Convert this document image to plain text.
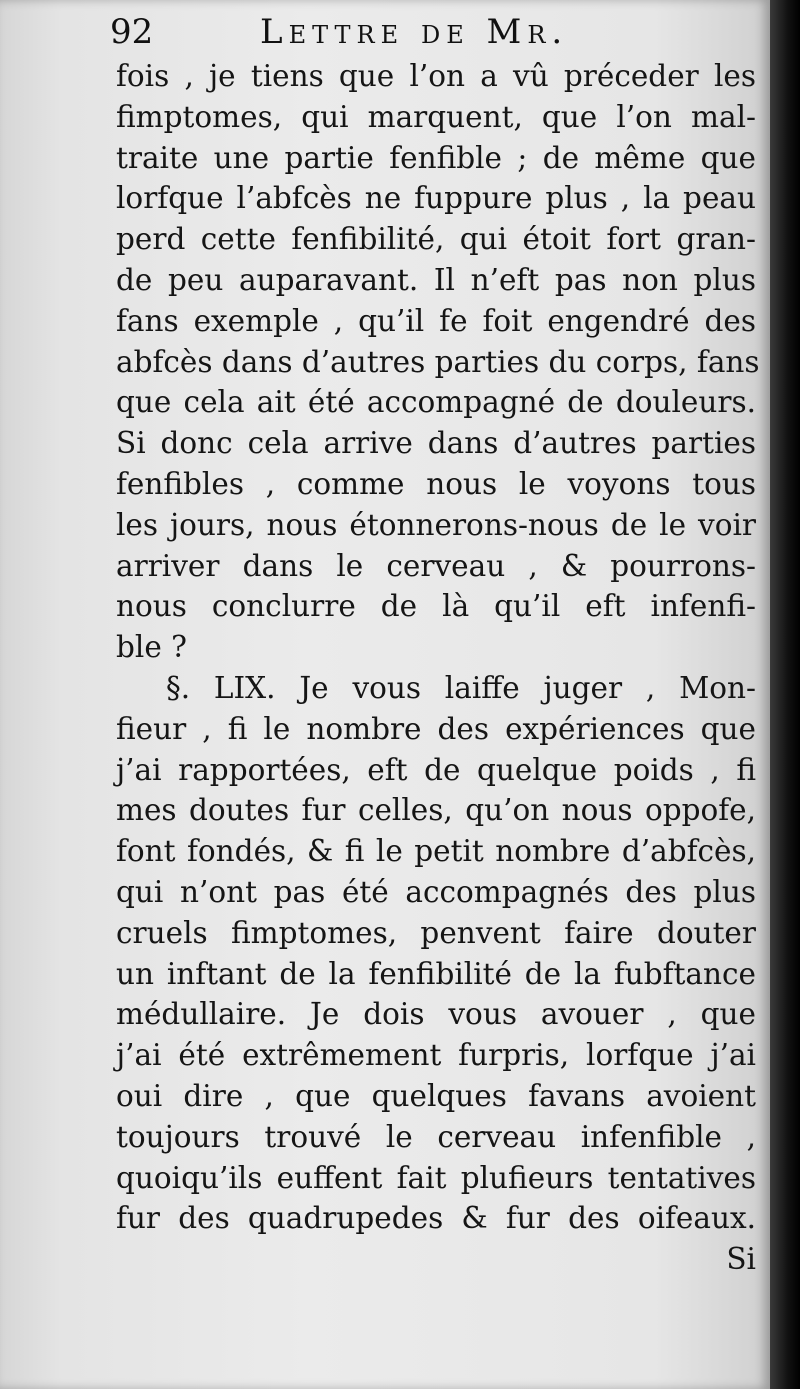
92	Lettre de Mr.
fois , je tiens que l’on a vû préceder les
fimptomes, qui marquent, que l’on mal-
traite une partie fenfible ; de même que
lorfque l’abfcès ne fuppure plus , la peau
perd cette fenfibilité, qui étoit fort gran-
de peu auparavant. Il n’eft pas non plus
fans exemple , qu’il fe foit engendré des
abfcès dans d’autres parties du corps, fans
que cela ait été accompagné de douleurs.
Si donc cela arrive dans d’autres parties
fenfibles , comme nous le voyons tous
les jours, nous étonnerons-nous de le voir
arriver dans le cerveau , & pourrons-
nous conclurre de là qu’il eft infenfi-
ble ?
§. LIX. Je vous laiffe juger , Mon-
fieur , fi le nombre des expériences que
j’ai rapportées, eft de quelque poids , fi
mes doutes fur celles, qu’on nous oppofe,
font fondés, & fi le petit nombre d’abfcès,
qui n’ont pas été accompagnés des plus
cruels fimptomes, penvent faire douter
un inftant de la fenfibilité de la fubftance
médullaire. Je dois vous avouer , que
j’ai été extrêmement furpris, lorfque j’ai
oui dire , que quelques favans avoient
toujours trouvé le cerveau infenfible ,
quoiqu’ils euffent fait plufieurs tentatives
fur des quadrupedes & fur des oifeaux.
Si
